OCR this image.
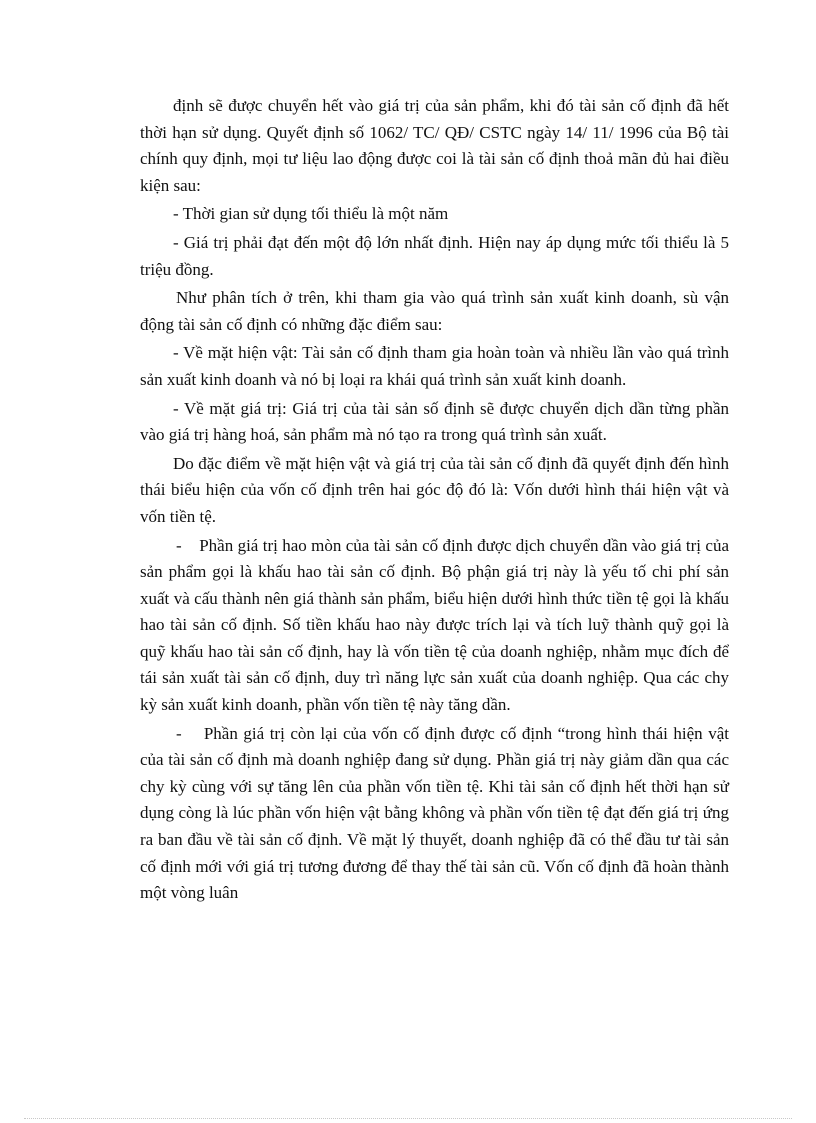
định sẽ được chuyển hết vào giá trị của sản phẩm, khi đó tài sản cố định đã hết thời hạn sử dụng. Quyết định số 1062/ TC/ QĐ/ CSTC ngày 14/ 11/ 1996 của Bộ tài chính quy định, mọi tư liệu lao động được coi là tài sản cố định thoả mãn đủ hai điều kiện sau:

- Thời gian sử dụng tối thiểu là một năm

- Giá trị phải đạt đến một độ lớn nhất định. Hiện nay áp dụng mức tối thiểu là 5 triệu đồng.

Như phân tích ở trên, khi tham gia vào quá trình sản xuất kinh doanh, sù vận động tài sản cố định có những đặc điểm sau:

- Về mặt hiện vật: Tài sản cố định tham gia hoàn toàn và nhiều lần vào quá trình sản xuất kinh doanh và nó bị loại ra khái quá trình sản xuất kinh doanh.

- Về mặt giá trị: Giá trị của tài sản số định sẽ được chuyển dịch dần từng phần vào giá trị hàng hoá, sản phẩm mà nó tạo ra trong quá trình sản xuất.

Do đặc điểm về mặt hiện vật và giá trị của tài sản cố định đã quyết định đến hình thái biểu hiện của vốn cố định trên hai góc độ đó là: Vốn dưới hình thái hiện vật và vốn tiền tệ.

-    Phần giá trị hao mòn của tài sản cố định được dịch chuyển dần vào giá trị của sản phẩm gọi là khấu hao tài sản cố định. Bộ phận giá trị này là yếu tố chi phí sản xuất và cấu thành nên giá thành sản phẩm, biểu hiện dưới hình thức tiền tệ gọi là khấu hao tài sản cố định. Số tiền khấu hao này được trích lại và tích luỹ thành quỹ gọi là quỹ khấu hao tài sản cố định, hay là vốn tiền tệ của doanh nghiệp, nhằm mục đích để tái sản xuất tài sản cố định, duy trì năng lực sản xuất của doanh nghiệp. Qua các chy kỳ sản xuất kinh doanh, phần vốn tiền tệ này tăng dần.

-    Phần giá trị còn lại của vốn cố định được cố định “trong hình thái hiện vật của tài sản cố định mà doanh nghiệp đang sử dụng. Phần giá trị này giảm dần qua các chy kỳ cùng với sự tăng lên của phần vốn tiền tệ. Khi tài sản cố định hết thời hạn sử dụng còng là lúc phần vốn hiện vật bằng không và phần vốn tiền tệ đạt đến giá trị ứng ra ban đầu về tài sản cố định. Về mặt lý thuyết, doanh nghiệp đã có thể đầu tư tài sản cố định mới với giá trị tương đương để thay thế tài sản cũ. Vốn cố định đã hoàn thành một vòng luân
